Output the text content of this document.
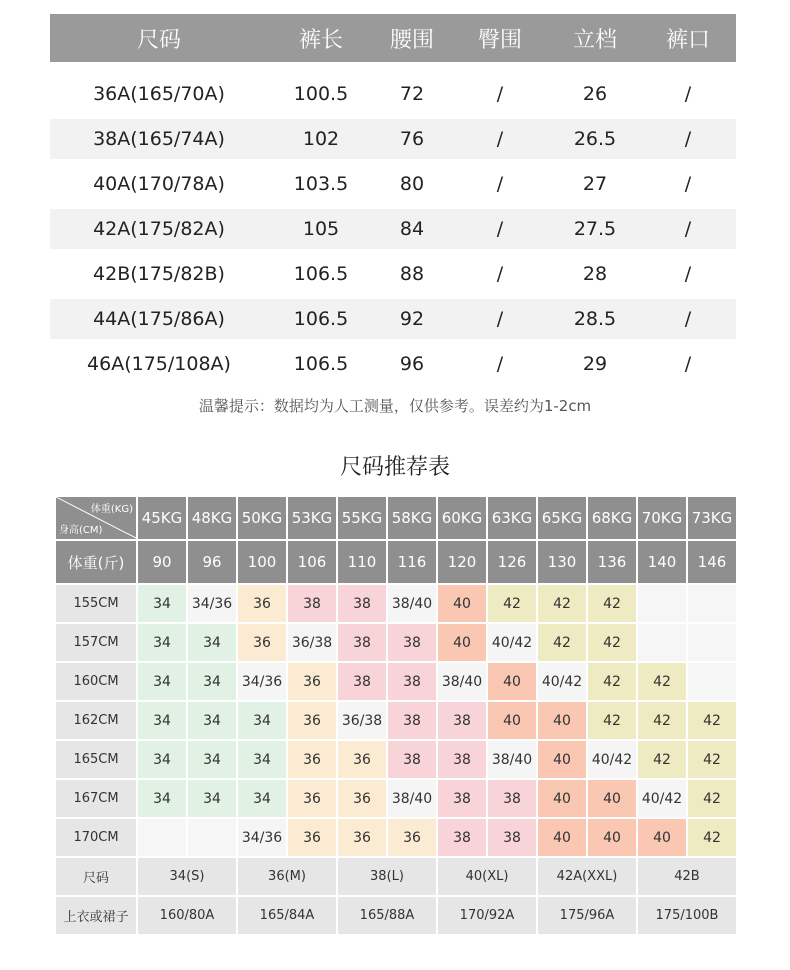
尺码	裤长	腰围	臀围	立档	裤口
36A(165/70A)	100.5	72	/	26	/
38A(165/74A)	102	76	/	26.5	/
40A(170/78A)	103.5	80	/	27	/
42A(175/82A)	105	84	/	27.5	/
42B(175/82B)	106.5	88	/	28	/
44A(175/86A)	106.5	92	/	28.5	/
46A(175/108A)	106.5	96	/	29	/
温馨提示：数据均为人工测量，仅供参考。误差约为1-2cm
尺码推荐表
体重(KG)
身高(CM)	45KG	48KG	50KG	53KG	55KG	58KG	60KG	63KG	65KG	68KG	70KG	73KG
体重(斤)	90	96	100	106	110	116	120	126	130	136	140	146
155CM	34	34/36	36	38	38	38/40	40	42	42	42		
157CM	34	34	36	36/38	38	38	40	40/42	42	42		
160CM	34	34	34/36	36	38	38	38/40	40	40/42	42	42	
162CM	34	34	34	36	36/38	38	38	40	40	42	42	42
165CM	34	34	34	36	36	38	38	38/40	40	40/42	42	42
167CM	34	34	34	36	36	38/40	38	38	40	40	40/42	42
170CM			34/36	36	36	36	38	38	40	40	40	42
尺码	34(S)		36(M)		38(L)		40(XL)		42A(XXL)		42B	
上衣或裙子	160/80A		165/84A		165/88A		170/92A		175/96A		175/100B	
